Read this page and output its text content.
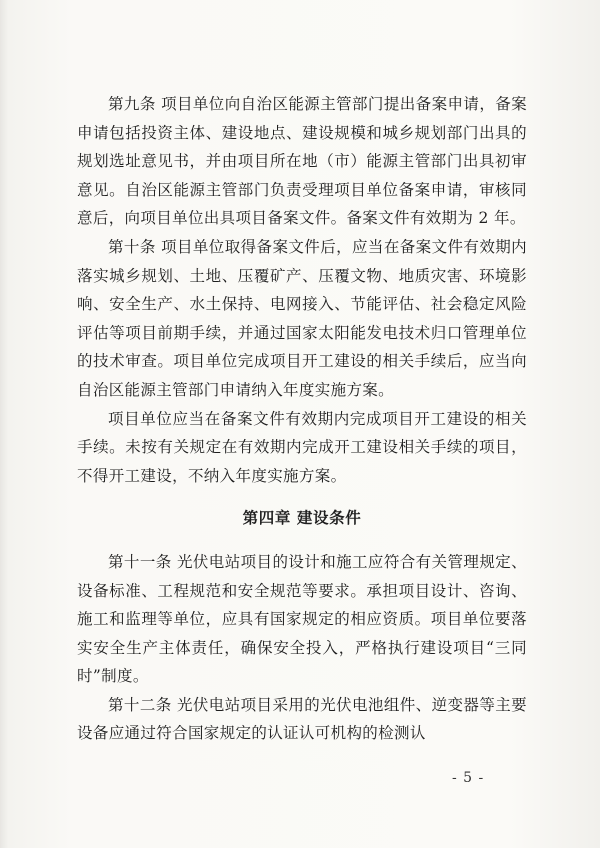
第九条 项目单位向自治区能源主管部门提出备案申请，备案申请包括投资主体、建设地点、建设规模和城乡规划部门出具的规划选址意见书，并由项目所在地（市）能源主管部门出具初审意见。自治区能源主管部门负责受理项目单位备案申请，审核同意后，向项目单位出具项目备案文件。备案文件有效期为 2 年。

第十条 项目单位取得备案文件后，应当在备案文件有效期内落实城乡规划、土地、压覆矿产、压覆文物、地质灾害、环境影响、安全生产、水土保持、电网接入、节能评估、社会稳定风险评估等项目前期手续，并通过国家太阳能发电技术归口管理单位的技术审查。项目单位完成项目开工建设的相关手续后，应当向自治区能源主管部门申请纳入年度实施方案。

项目单位应当在备案文件有效期内完成项目开工建设的相关手续。未按有关规定在有效期内完成开工建设相关手续的项目，不得开工建设，不纳入年度实施方案。

第四章 建设条件

第十一条 光伏电站项目的设计和施工应符合有关管理规定、设备标准、工程规范和安全规范等要求。承担项目设计、咨询、施工和监理等单位，应具有国家规定的相应资质。项目单位要落实安全生产主体责任，确保安全投入，严格执行建设项目“三同时”制度。

第十二条 光伏电站项目采用的光伏电池组件、逆变器等主要设备应通过符合国家规定的认证认可机构的检测认

- 5 -
